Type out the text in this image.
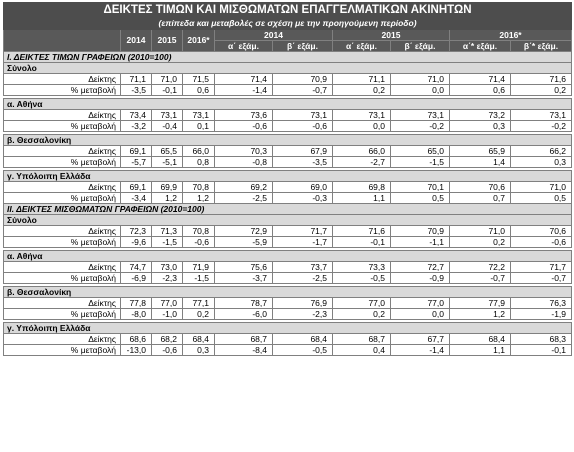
ΔΕΙΚΤΕΣ ΤΙΜΩΝ ΚΑΙ ΜΙΣΘΩΜΑΤΩΝ ΕΠΑΓΓΕΛΜΑΤΙΚΩΝ ΑΚΙΝΗΤΩΝ									
(επίπεδα και μεταβολές σε σχέση με την προηγούμενη περίοδο)									
	2014	2015	2016*	2014		2015		2016*	
				α΄ εξάμ.	β΄ εξάμ.	α΄ εξάμ.	β΄ εξάμ.	α΄* εξάμ.	β΄* εξάμ.
Ι. ΔΕΙΚΤΕΣ ΤΙΜΩΝ ΓΡΑΦΕΙΩΝ (2010=100)									
Σύνολο									
Δείκτης	71,1	71,0	71,5	71,4	70,9	71,1	71,0	71,4	71,6
% μεταβολή	-3,5	-0,1	0,6	-1,4	-0,7	0,2	0,0	0,6	0,2

α. Αθήνα									
Δείκτης	73,4	73,1	73,1	73,6	73,1	73,1	73,1	73,2	73,1
% μεταβολή	-3,2	-0,4	0,1	-0,6	-0,6	0,0	-0,2	0,3	-0,2

β. Θεσσαλονίκη									
Δείκτης	69,1	65,5	66,0	70,3	67,9	66,0	65,0	65,9	66,2
% μεταβολή	-5,7	-5,1	0,8	-0,8	-3,5	-2,7	-1,5	1,4	0,3

γ. Υπόλοιπη Ελλάδα									
Δείκτης	69,1	69,9	70,8	69,2	69,0	69,8	70,1	70,6	71,0
% μεταβολή	-3,4	1,2	1,2	-2,5	-0,3	1,1	0,5	0,7	0,5
ΙΙ. ΔΕΙΚΤΕΣ ΜΙΣΘΩΜΑΤΩΝ ΓΡΑΦΕΙΩΝ (2010=100)									
Σύνολο									
Δείκτης	72,3	71,3	70,8	72,9	71,7	71,6	70,9	71,0	70,6
% μεταβολή	-9,6	-1,5	-0,6	-5,9	-1,7	-0,1	-1,1	0,2	-0,6

α. Αθήνα									
Δείκτης	74,7	73,0	71,9	75,6	73,7	73,3	72,7	72,2	71,7
% μεταβολή	-6,9	-2,3	-1,5	-3,7	-2,5	-0,5	-0,9	-0,7	-0,7

β. Θεσσαλονίκη									
Δείκτης	77,8	77,0	77,1	78,7	76,9	77,0	77,0	77,9	76,3
% μεταβολή	-8,0	-1,0	0,2	-6,0	-2,3	0,2	0,0	1,2	-1,9

γ. Υπόλοιπη Ελλάδα									
Δείκτης	68,6	68,2	68,4	68,7	68,4	68,7	67,7	68,4	68,3
% μεταβολή	-13,0	-0,6	0,3	-8,4	-0,5	0,4	-1,4	1,1	-0,1
